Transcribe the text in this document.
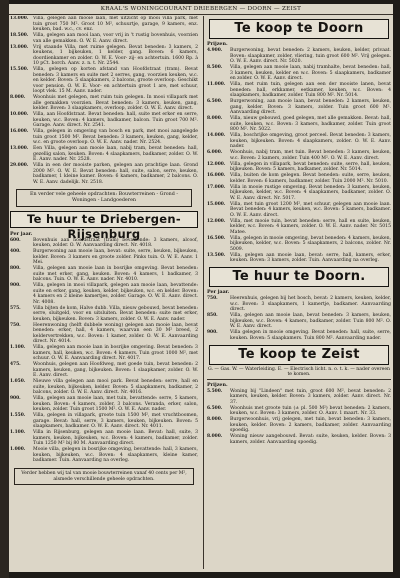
KRAAL'S WONINGCOURANT DRIEBERGEN — DOORN — ZEIST
13.000.	Villa, gelegen aan mooie laan, met uitzicht op mooi villa park, met tuin groot 750 M². Groot 10 M², schuurtje, garage, 9 kamers, enz. keuken, bad. w.c., cv. enz.
18.500.	Villa, gelegen aan mooi laan, voor vrij in 't rustig bovenhuis, voorzien van alle gemakken. O. W. E. Aanv. direct.
13.000.	Vrij staande Villa, met ruime gelegen. Bevat beneden: 3 kamers, 2 keukens, 1 bijkeuken, 1 kelder, gang. Boven: 6 kamers, doordienkamer en zolder. O. W. E. Voor- zij- en achtertuin. 1600 Rp. à 10 pCt. borch. Aanv. z. n. t. Nr. 2544.
15.500.	Villa, gelegen op korten afstand van Hoofdstraat (tram). Bevat beneden: 3 kamers en suite met 2 serres, gang, voorzien keuken, w.c. en kelder. Boven: 5 slaapkamers, 2 balcons, groote overloop. Geschikt voor pension. O. W. E. Voor- en achtertuin groot 1 are, met schuur, loopt vlek. 15 M. Aanv. nader.
8.000.	Woonhuis met gelegen, met ruim tuin gelegen. In mooi villapark met alle gemakken voorzien. Bevat beneden: 3 kamers, keuken, gang, kelder. Boven: 3 slaapkamers, overloop, zolder. O. W. E. Aanv. direct.
10.000.	Villa, aan Hoofdstraat. Bevat beneden: hall, suite met erker en serre, keuken, w.c. Boven: 4 kamers, badkamer, balcon. Tuin groot 700 M². Garage. Aanv. direct. Nr. 2541.
16.000.	Villa, gelegen in omgeving van bosch en park, met mooi aangelegde tuin groot 1500 M². Bevat beneden: 3 kamers, keuken, gang, kelder, w.c. en groote overloop. O. W. E. Aanv. nader. Nr. 2524.
13.000.	Een Villa, gelegen aan mooie laan, nabij tram, bevat beneden: hall, gezellig salon, keuken. Boven: 4 slaapkamers, badkamer, zolder. O. W. E. Aanv. nader. Nr. 2528.
29.000.	Villa in een der mooiste parken, gelegen aan prachtige laan. Grond 2000 M². O. W. E. Bevat beneden: hall, suite, salon, serre, keuken, badkamer, 1 kleine kamer. Boven: 6 kamers, badkamer, 2 balcons. O. W. E. Aanv. dadelijk. Nr. 2518.
En verder vele geheele opdrachten: Bouwterreinen - Grond - Woningen - Landgoederen
Te huur te Driebergen-Rijsenburg
Per jaar.
600.	Bovenhuis aan hoofdstraat (tram) bevattende: 3 kamers, alcoof, keuken, zolder. O. W. Aanvaarding direct. Nr. 4018.
400.	Burgerwoning aan mooie laan, bevat: suite, serre, keuken, bijkeuken, kelder. Boven: 3 kamers en groote zolder. Pinks tuin. O. W. E. Aanv. 1 Mei.
800.	Villa, gelegen aan mooie laan in bosrijke omgeving. Bevat beneden: suite met erker, gang, keuken. Boven: 4 kamers, 1 badkamer, 3 balcons. Tuin. O. W. E. Aanv. nader. Nr. 4010.
900.	Villa, gelegen in mooi villapark, gelegen aan mooie laan, bevattende: suite en erker, gang, keuken, kelder, bijkeuken, w.c. en kelder. Boven: 4 kamers en 2 kleine kamertjes, zolder. Garage. O. W. E. Aanv. direct. Nr. 4008.
575.	Villa bijten de kom, Halve dubb. Villa, nieuw gebouwd, bevat beneden: serre, sluitgeld, voor en uitsluiten. Bevat beneden: suite met erker, keuken, bijkeuken. Boven: 3 kamers, zolder. O. W. E. Aanv. nader.
750.	Heerenwoning (helft dubbele woning) gelegen aan mooie laan, bevat beneden: erker, hall, 4 kamers, waarvan een 30 M² breed, 2 keldervertrekken, w.c. Boven: 1 kamer, zolder. O. W. E. Aanvaarding direct. Nr. 4014.
1.100.	Villa, gelegen aan mooie laan in bosrijke omgeving. Bevat beneden: 3 kamers, hall, keuken, w.c. Boven: 4 kamers. Tuin groot 1000 M², met schuur. O. W. E. Aanvaarding direct. Nr. 4017.
475.	Woonhuis, gelegen aan Hoofdweg, met goede tuin, bevat beneden: 2 kamers, keuken, gang, bijkeuken. Boven: 1 slaapkamer, zolder. O. W. E. Aanv. direct.
1.050.	Nieuwe villa gelegen aan mooi park. Bevat beneden: serre, hall en suite, keuken, bijkeuken, kelder. Boven: 5 slaapkamers, badkamer, 2 balcons, zolder. O. W. E. Aanv. direct. Nr. 4016.
900.	Villa, gelegen aan mooie laan, met tuin, bevattende: serre, 5 kamers, keuken. Boven: 4 kamers, zolder, 3 balcons. Veranda, erker, salon, keuken, zolder. Tuin groot 1500 M². O. W. E. Aanv. nader.
1.550.	Villa, gelegen in villapark, groote tuin 1500 M², met vruchtboomen, garage. Bevat: hall, serre, 3 kamers, keuken, bijkeuken. Boven: 5 slaapkamers, badkamer. O. W. E. Aanv. direct. Nr. 4011.
1.100.	Villa in Rijsenburg, gelegen aan mooie laan. Bevat: hall, suite, 3 kamers, keuken, bijkeuken, w.c. Boven: 4 kamers, badkamer, zolder. Tuin 1250 M² bij 80 M. Aanvaarding direct.
1.000.	Mooie villa, gelegen in bosrijke omgeving, bevattende: hall, 3 kamers, keuken, bijkeuken, w.c. Boven: 4 slaapkamers, kleine kamer, badkamer. Tuin. Aanvaarding na overleg.
Verder hebben wij tal van mooie bouwterreinen vanaf 40 cents per M², alsmede verschillende geheele opdrachten.
Te koop te Doorn
Prijzen.
4.900.	Burgerwoning, bevat beneden: 2 kamers, keuken, kelder, privaat. Boven: slaapkamer, zolder, vliering, tuin groot 600 M². Vrij gelegen. O. W. E. Aanv. direct. Nr. 5020.
8.500.	Villa, gelegen aan mooie laan, nabij tramhalte, bevat beneden: hall, 3 kamers, keuken, kelder en w.c. Boven: 5 slaapkamers, badkamer en zolder. O. W. E. Aanv. direct.
11.000.	Villa, met ruim tuin, gelegen aan een der mooiste lanen, bevat beneden: hall, erkkamer, eetkamer, keuken, w.c. Boven: 4 slaapkamers, badkamer, zolder. Tuin 800 M². Nr. 5014.
6.500.	Burgerwoning, aan mooie laan, bevat beneden: 2 kamers, keuken, gang, kelder. Boven: 3 kamers, zolder. Tuin groot 600 M². Aanvaarding direct.
8.000.	Villa, nieuw gebouwd, goed gelegen, met alle gemakken. Bevat: hall, suite, keuken, w.c. Boven: 3 kamers, badkamer, zolder. Tuin groot 800 M². Nr. 5022.
14.000.	Villa, boschrijke omgeving, groot perceel. Bevat beneden: 3 kamers, keuken, bijkeuken. Boven: 4 slaapkamers, zolder. O. W. E. Aanv. nader.
6.000.	Woonhuis, nabij tram, met tuin. Bevat beneden: 3 kamers, keuken, w.c. Boven: 2 kamers, zolder. Tuin 400 M². O. W. E. Aanv. direct.
12.000.	Villa, gelegen in villapark, bevat beneden: suite, serre, hall, keuken, bijkeuken. Boven: 5 kamers, badkamer, zolder. Nr. 5014.
16.000.	Villa, buiten de kom gelegen. Bevat beneden: suite, serre, keuken, kelder. Boven: 6 kamers, badkamer, zolder. Tuin 2000 M². Nr. 5010.
17.000.	Villa in mooie rustige omgeving. Bevat beneden: 3 kamers, keuken, bijkeuken, kelder, w.c. Boven: 4 slaapkamers, badkamer, zolder. O. W. E. Aanv. direct. Nr. 5017.
15.000.	Villa, met tuin groot 1200 M², met schuur, gelegen aan mooie laan. Bevat beneden: 4 kamers, keuken, w.c. Boven: 5 kamers, badkamer. O. W. E. Aanv. direct.
12.000.	Villa, met mooie tuin, bevat beneden: serre, hall en suite, keuken, kelder, w.c. Boven: 4 kamers, zolder. O. W. E. Aanv. nader. Nr. 5015 Matee.
16.500.	Villa, gelegen in mooie omgeving, bevat beneden: 4 kamers, keuken, bijkeuken, kelder, w.c. Boven: 5 slaapkamers, 2 balcons, zolder. Nr. 5009.
13.500.	Villa, gelegen aan mooie laan, bevat: serre, hall, kamers, erker, keuken. Boven: 3 kamers, zolder. Tuin. Aanvaarding na overleg.
Te huur te Doorn.
Per jaar.
750.	Heerenhuis, gelegen bij het bosch, bevat: 2 kamers, keuken, kelder, w.c. Boven: 3 slaapkamers, 1 kamertje, badkamer. Aanvaarding direct.
850.	Villa, gelegen aan mooie laan, bevat beneden: 3 kamers, keuken, bijkeuken, w.c. Boven: 4 kamers, badkamer, zolder. Tuin 800 M². O. W. E. Aanv. direct.
900.	Villa gelegen in mooie omgeving. Bevat beneden: hall, suite, serre, keuken. Boven: 5 slaapkamers. Tuin 800 M². Aanvaarding nader.
Te koop te Zeist
G. — Gas. W. — Waterleiding. E. — Electrisch licht. n. o. t. k. — nader overeen te komen.
Prijzen.
5.500.	Woning bij "Lindeen" met tuin, groot 600 M², bevat beneden: 2 kamers, keuken, kelder. Boven: 3 kamers, zolder. Aanv. direct. Nr. 37.
6.500.	Woonhuis met groote tuin (± pl. 500 M²) bevat beneden: 2 kamers, keuken, w.c. Boven: 3 kamers, zolder. O. Aanv. 1 maart. Nr. 33.
8.000.	Burgerwoonhuis, vrij gelegen, met tuin, bevat beneden: 3 kamers, keuken, kelder. Boven: 2 kamers, badkamer, zolder. Aanvaarding spoedig.
8.000.	Woning nieuw aangebouwd. Bevat: suite, keuken, kelder. Boven: 3 kamers, zolder. Aanvaarding spoedig.
